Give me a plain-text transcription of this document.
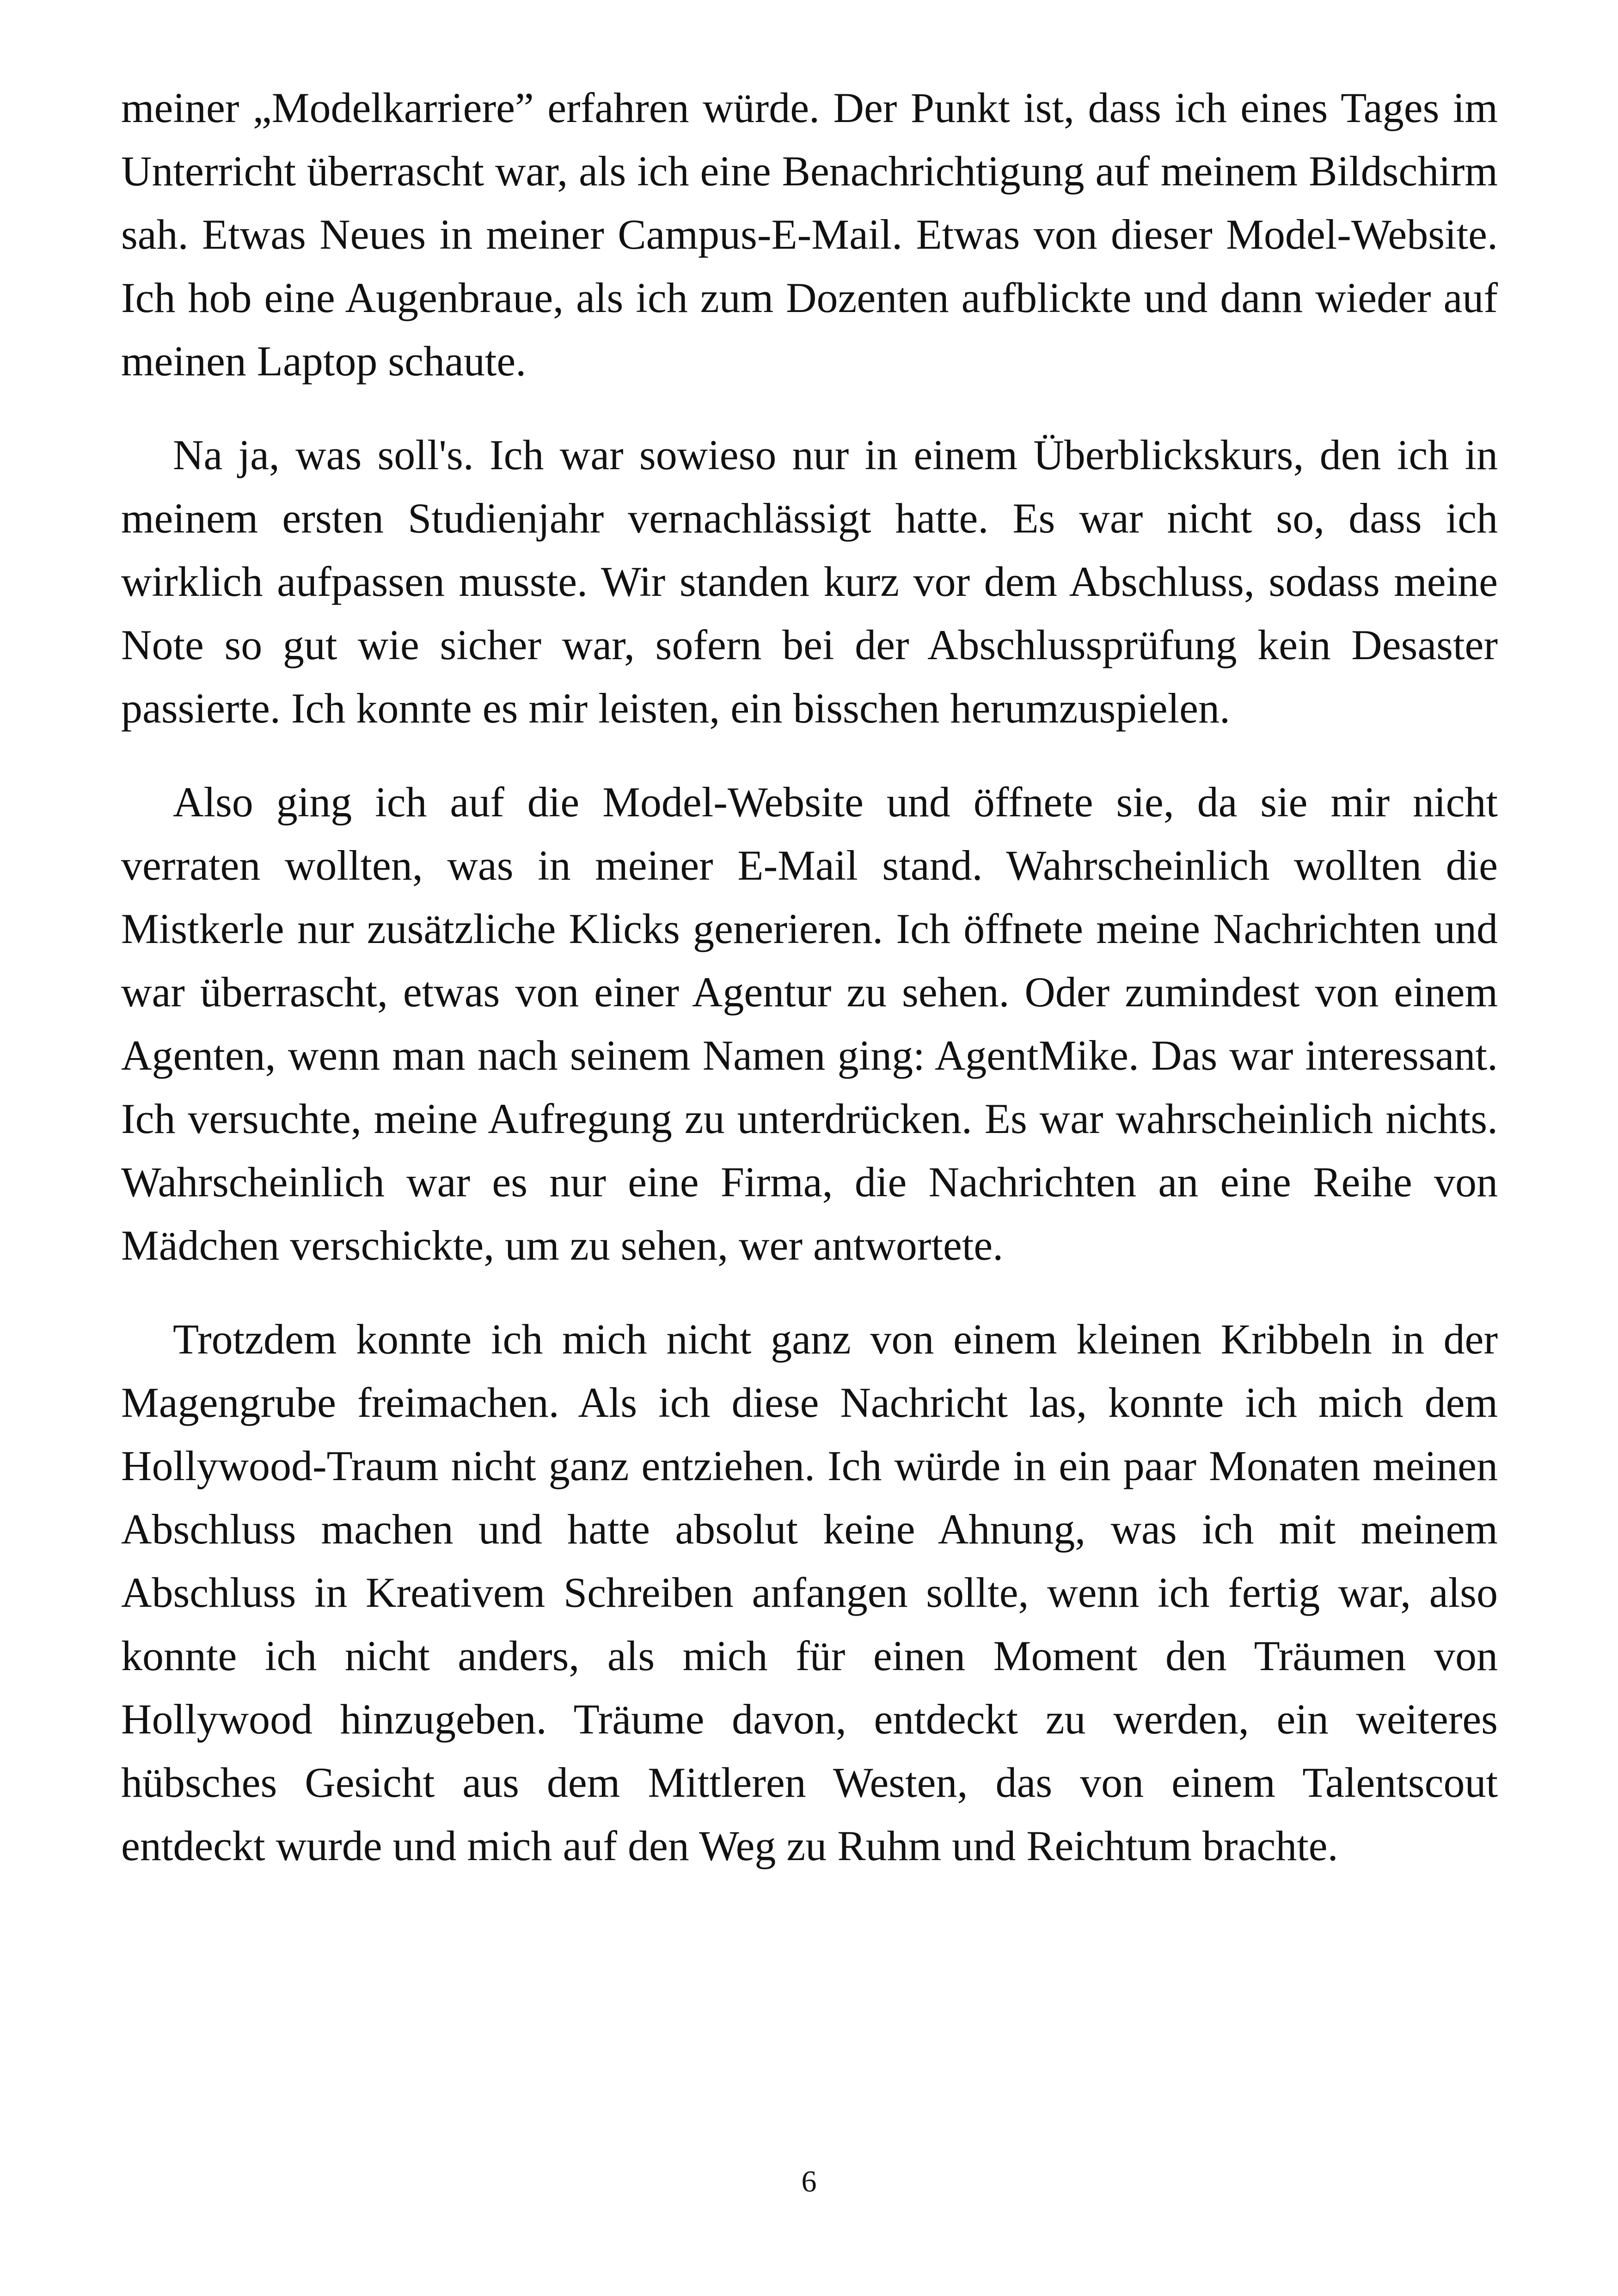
meiner „Modelkarriere” erfahren würde. Der Punkt ist, dass ich eines Tages im Unterricht überrascht war, als ich eine Benachrichtigung auf meinem Bildschirm sah. Etwas Neues in meiner Campus-E-Mail. Etwas von dieser Model-Website. Ich hob eine Augenbraue, als ich zum Dozenten aufblickte und dann wieder auf meinen Laptop schaute.

Na ja, was soll's. Ich war sowieso nur in einem Überblickskurs, den ich in meinem ersten Studienjahr vernachlässigt hatte. Es war nicht so, dass ich wirklich aufpassen musste. Wir standen kurz vor dem Abschluss, sodass meine Note so gut wie sicher war, sofern bei der Abschlussprüfung kein Desaster passierte. Ich konnte es mir leisten, ein bisschen herumzuspielen.

Also ging ich auf die Model-Website und öffnete sie, da sie mir nicht verraten wollten, was in meiner E-Mail stand. Wahrscheinlich wollten die Mistkerle nur zusätzliche Klicks generieren. Ich öffnete meine Nachrichten und war überrascht, etwas von einer Agentur zu sehen. Oder zumindest von einem Agenten, wenn man nach seinem Namen ging: AgentMike. Das war interessant. Ich versuchte, meine Aufregung zu unterdrücken. Es war wahrscheinlich nichts. Wahrscheinlich war es nur eine Firma, die Nachrichten an eine Reihe von Mädchen verschickte, um zu sehen, wer antwortete.

Trotzdem konnte ich mich nicht ganz von einem kleinen Kribbeln in der Magengrube freimachen. Als ich diese Nachricht las, konnte ich mich dem Hollywood-Traum nicht ganz entziehen. Ich würde in ein paar Monaten meinen Abschluss machen und hatte absolut keine Ahnung, was ich mit meinem Abschluss in Kreativem Schreiben anfangen sollte, wenn ich fertig war, also konnte ich nicht anders, als mich für einen Moment den Träumen von Hollywood hinzugeben. Träume davon, entdeckt zu werden, ein weiteres hübsches Gesicht aus dem Mittleren Westen, das von einem Talentscout entdeckt wurde und mich auf den Weg zu Ruhm und Reichtum brachte.

6
